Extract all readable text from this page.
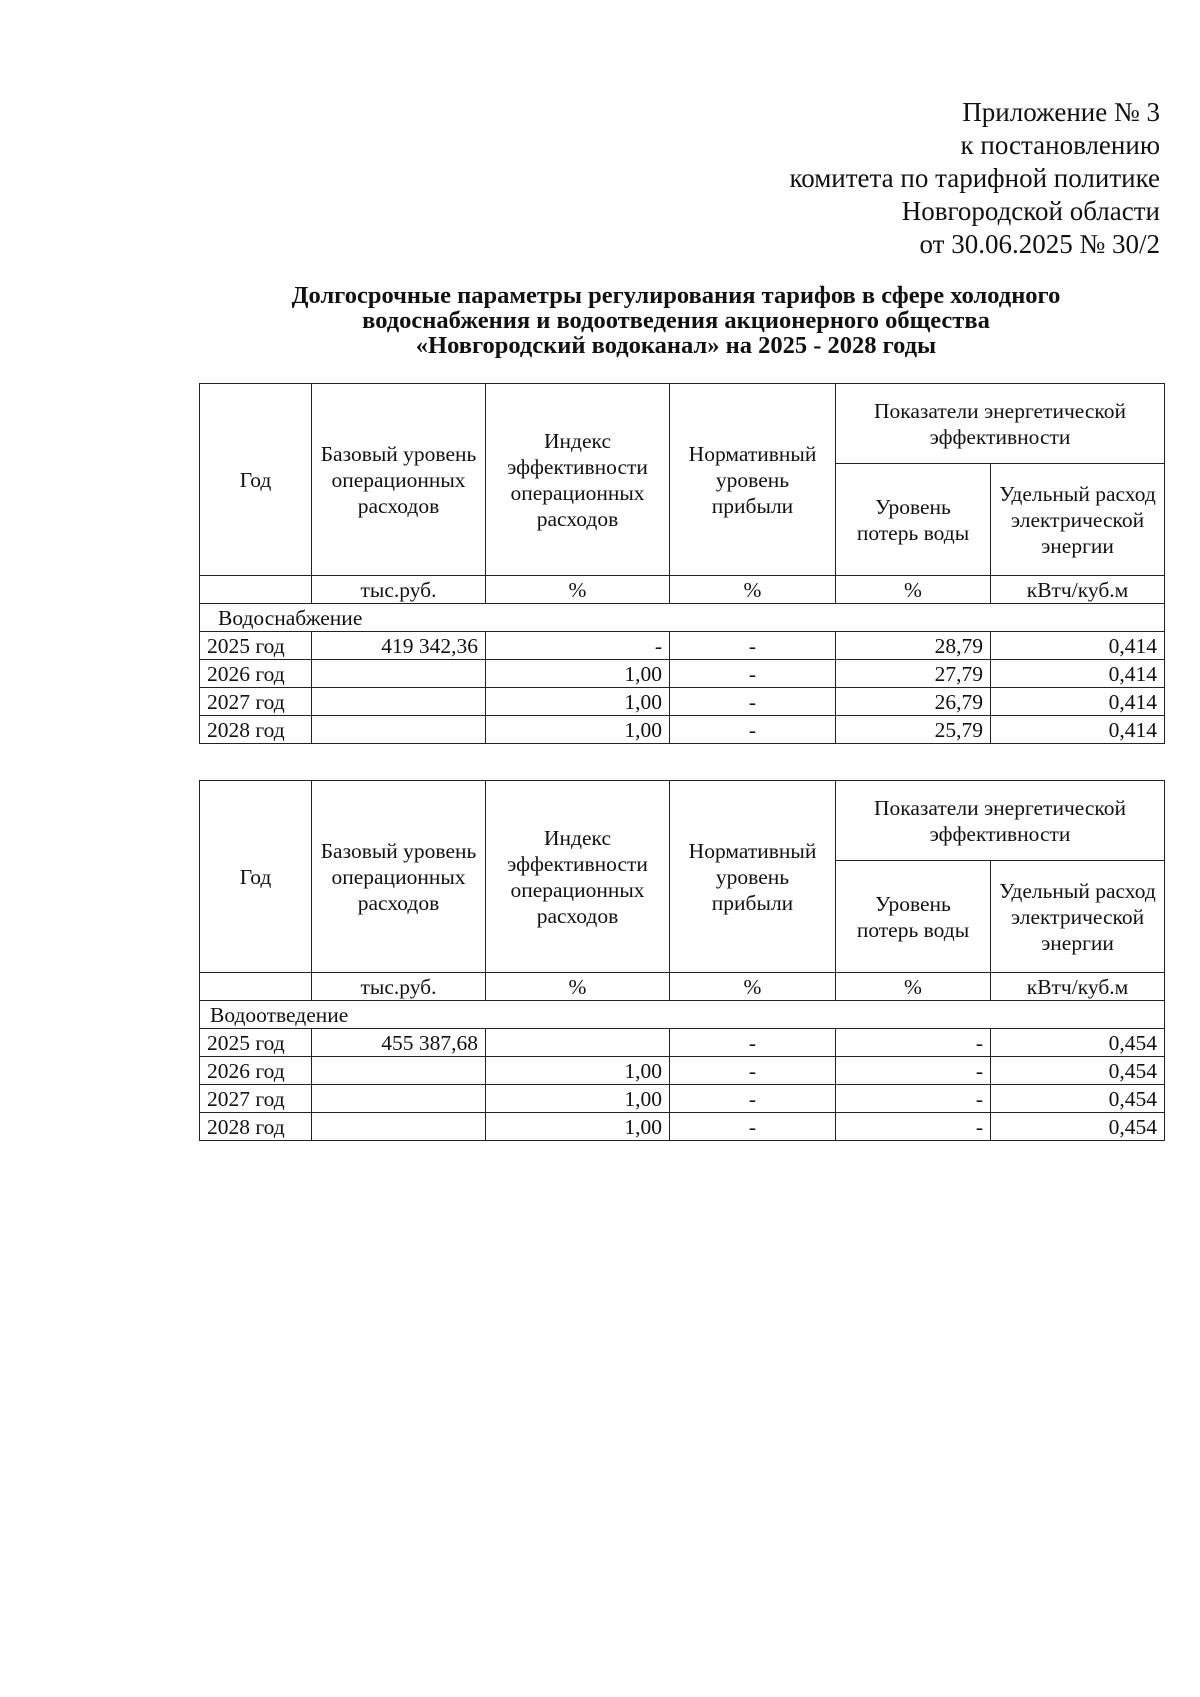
Приложение № 3
к постановлению
комитета по тарифной политике
Новгородской области
от 30.06.2025 № 30/2
Долгосрочные параметры регулирования тарифов в сфере холодного
водоснабжения и водоотведения акционерного общества
«Новгородский водоканал» на 2025 - 2028 годы
Год	Базовый уровень операционных расходов	Индекс эффективности операционных расходов	Нормативный уровень прибыли	Показатели энергетической эффективности	
				Уровень потерь воды	Удельный расход электрической энергии
	тыс.руб.	%	%	%	кВтч/куб.м
Водоснабжение					
2025 год	419 342,36	-	-	28,79	0,414
2026 год		1,00	-	27,79	0,414
2027 год		1,00	-	26,79	0,414
2028 год		1,00	-	25,79	0,414
Год	Базовый уровень операционных расходов	Индекс эффективности операционных расходов	Нормативный уровень прибыли	Показатели энергетической эффективности	
				Уровень потерь воды	Удельный расход электрической энергии
	тыс.руб.	%	%	%	кВтч/куб.м
Водоотведение					
2025 год	455 387,68		-	-	0,454
2026 год		1,00	-	-	0,454
2027 год		1,00	-	-	0,454
2028 год		1,00	-	-	0,454
